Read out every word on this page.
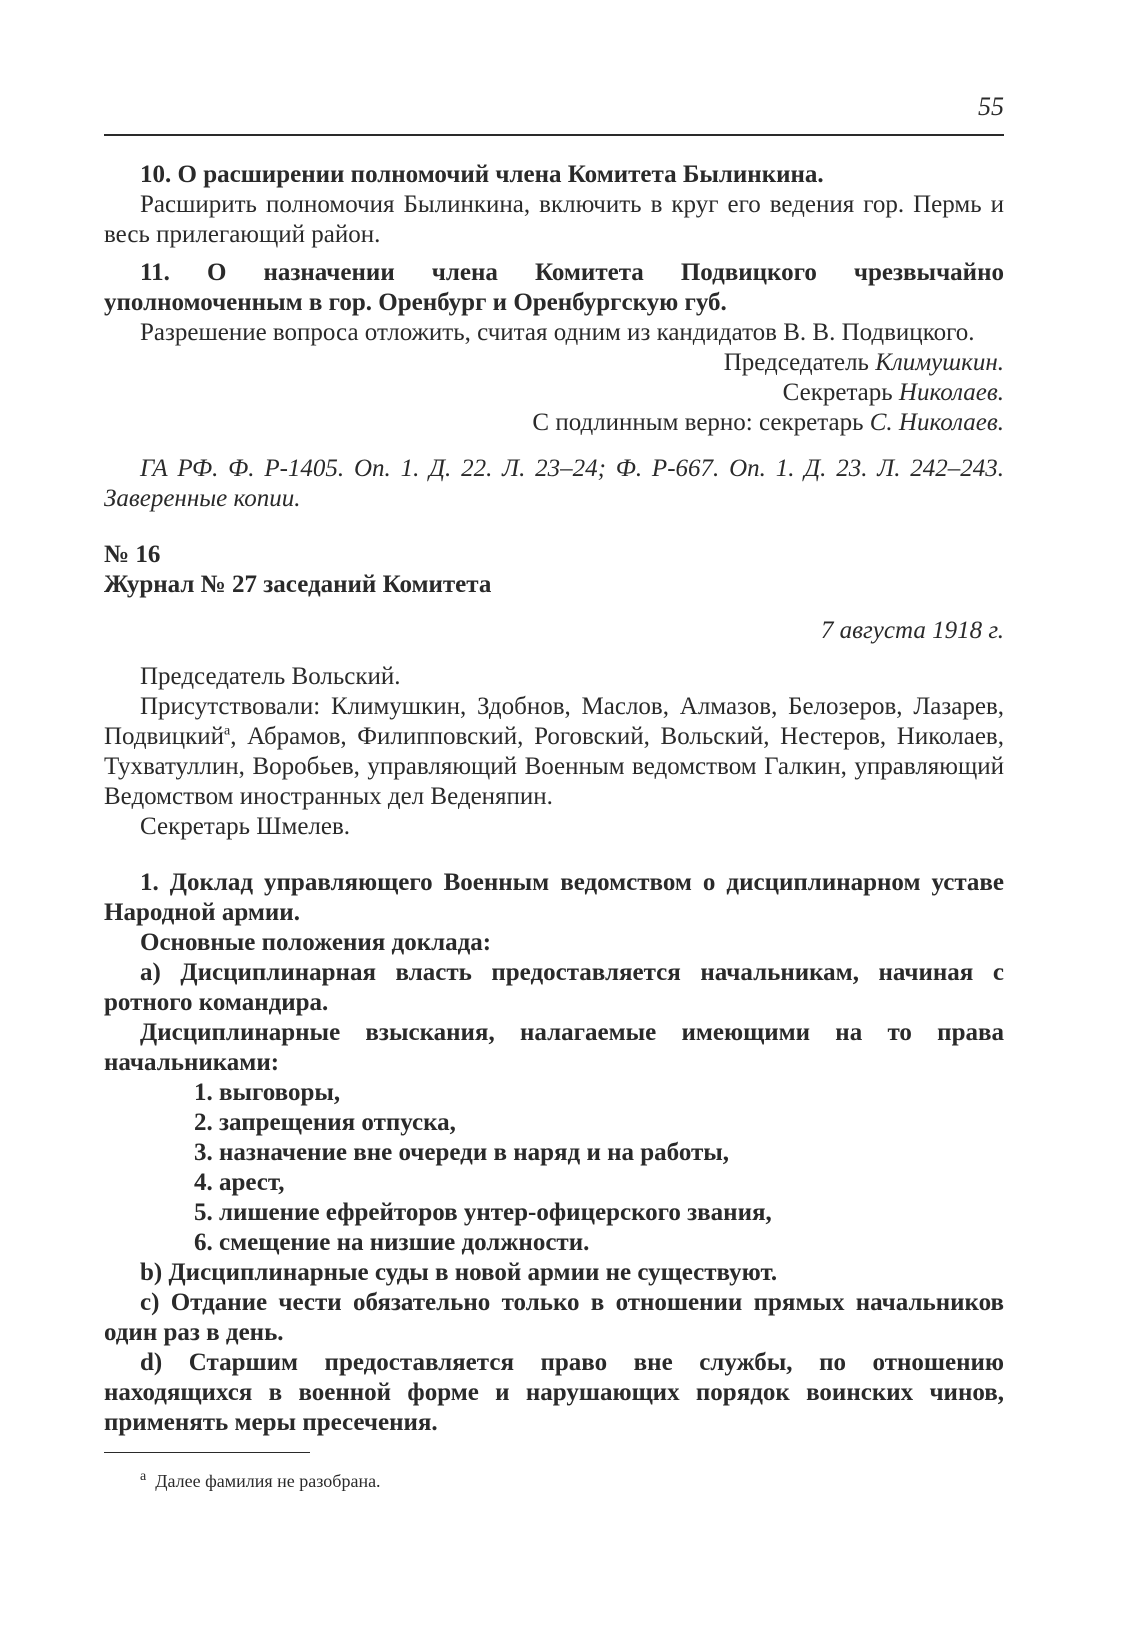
55

10. О расширении полномочий члена Комитета Былинкина.

Расширить полномочия Былинкина, включить в круг его ведения гор. Пермь и весь прилегающий район.

11. О назначении члена Комитета Подвицкого чрезвычайно уполномоченным в гор. Оренбург и Оренбургскую губ.

Разрешение вопроса отложить, считая одним из кандидатов В. В. Подвицкого.

Председатель Климушкин.

Секретарь Николаев.

С подлинным верно: секретарь С. Николаев.

ГА РФ. Ф. Р-1405. Оп. 1. Д. 22. Л. 23–24; Ф. Р-667. Оп. 1. Д. 23. Л. 242–243. Заверенные копии.

№ 16

Журнал № 27 заседаний Комитета

7 августа 1918 г.

Председатель Вольский.

Присутствовали: Климушкин, Здобнов, Маслов, Алмазов, Белозеров, Лазарев, Подвицкий$^а$, Абрамов, Филипповский, Роговский, Вольский, Нестеров, Николаев, Тухватуллин, Воробьев, управляющий Военным ведомством Галкин, управляющий Ведомством иностранных дел Веденяпин.

Секретарь Шмелев.

1. Доклад управляющего Военным ведомством о дисциплинарном уставе Народной армии.

Основные положения доклада:

a) Дисциплинарная власть предоставляется начальникам, начиная с ротного командира.

Дисциплинарные взыскания, налагаемые имеющими на то права начальниками:

1. выговоры,

2. запрещения отпуска,

3. назначение вне очереди в наряд и на работы,

4. арест,

5. лишение ефрейторов унтер-офицерского звания,

6. смещение на низшие должности.

b) Дисциплинарные суды в новой армии не существуют.

c) Отдание чести обязательно только в отношении прямых начальников один раз в день.

d) Старшим предоставляется право вне службы, по отношению находящихся в военной форме и нарушающих порядок воинских чинов, применять меры пресечения.

$^а$ Далее фамилия не разобрана.
